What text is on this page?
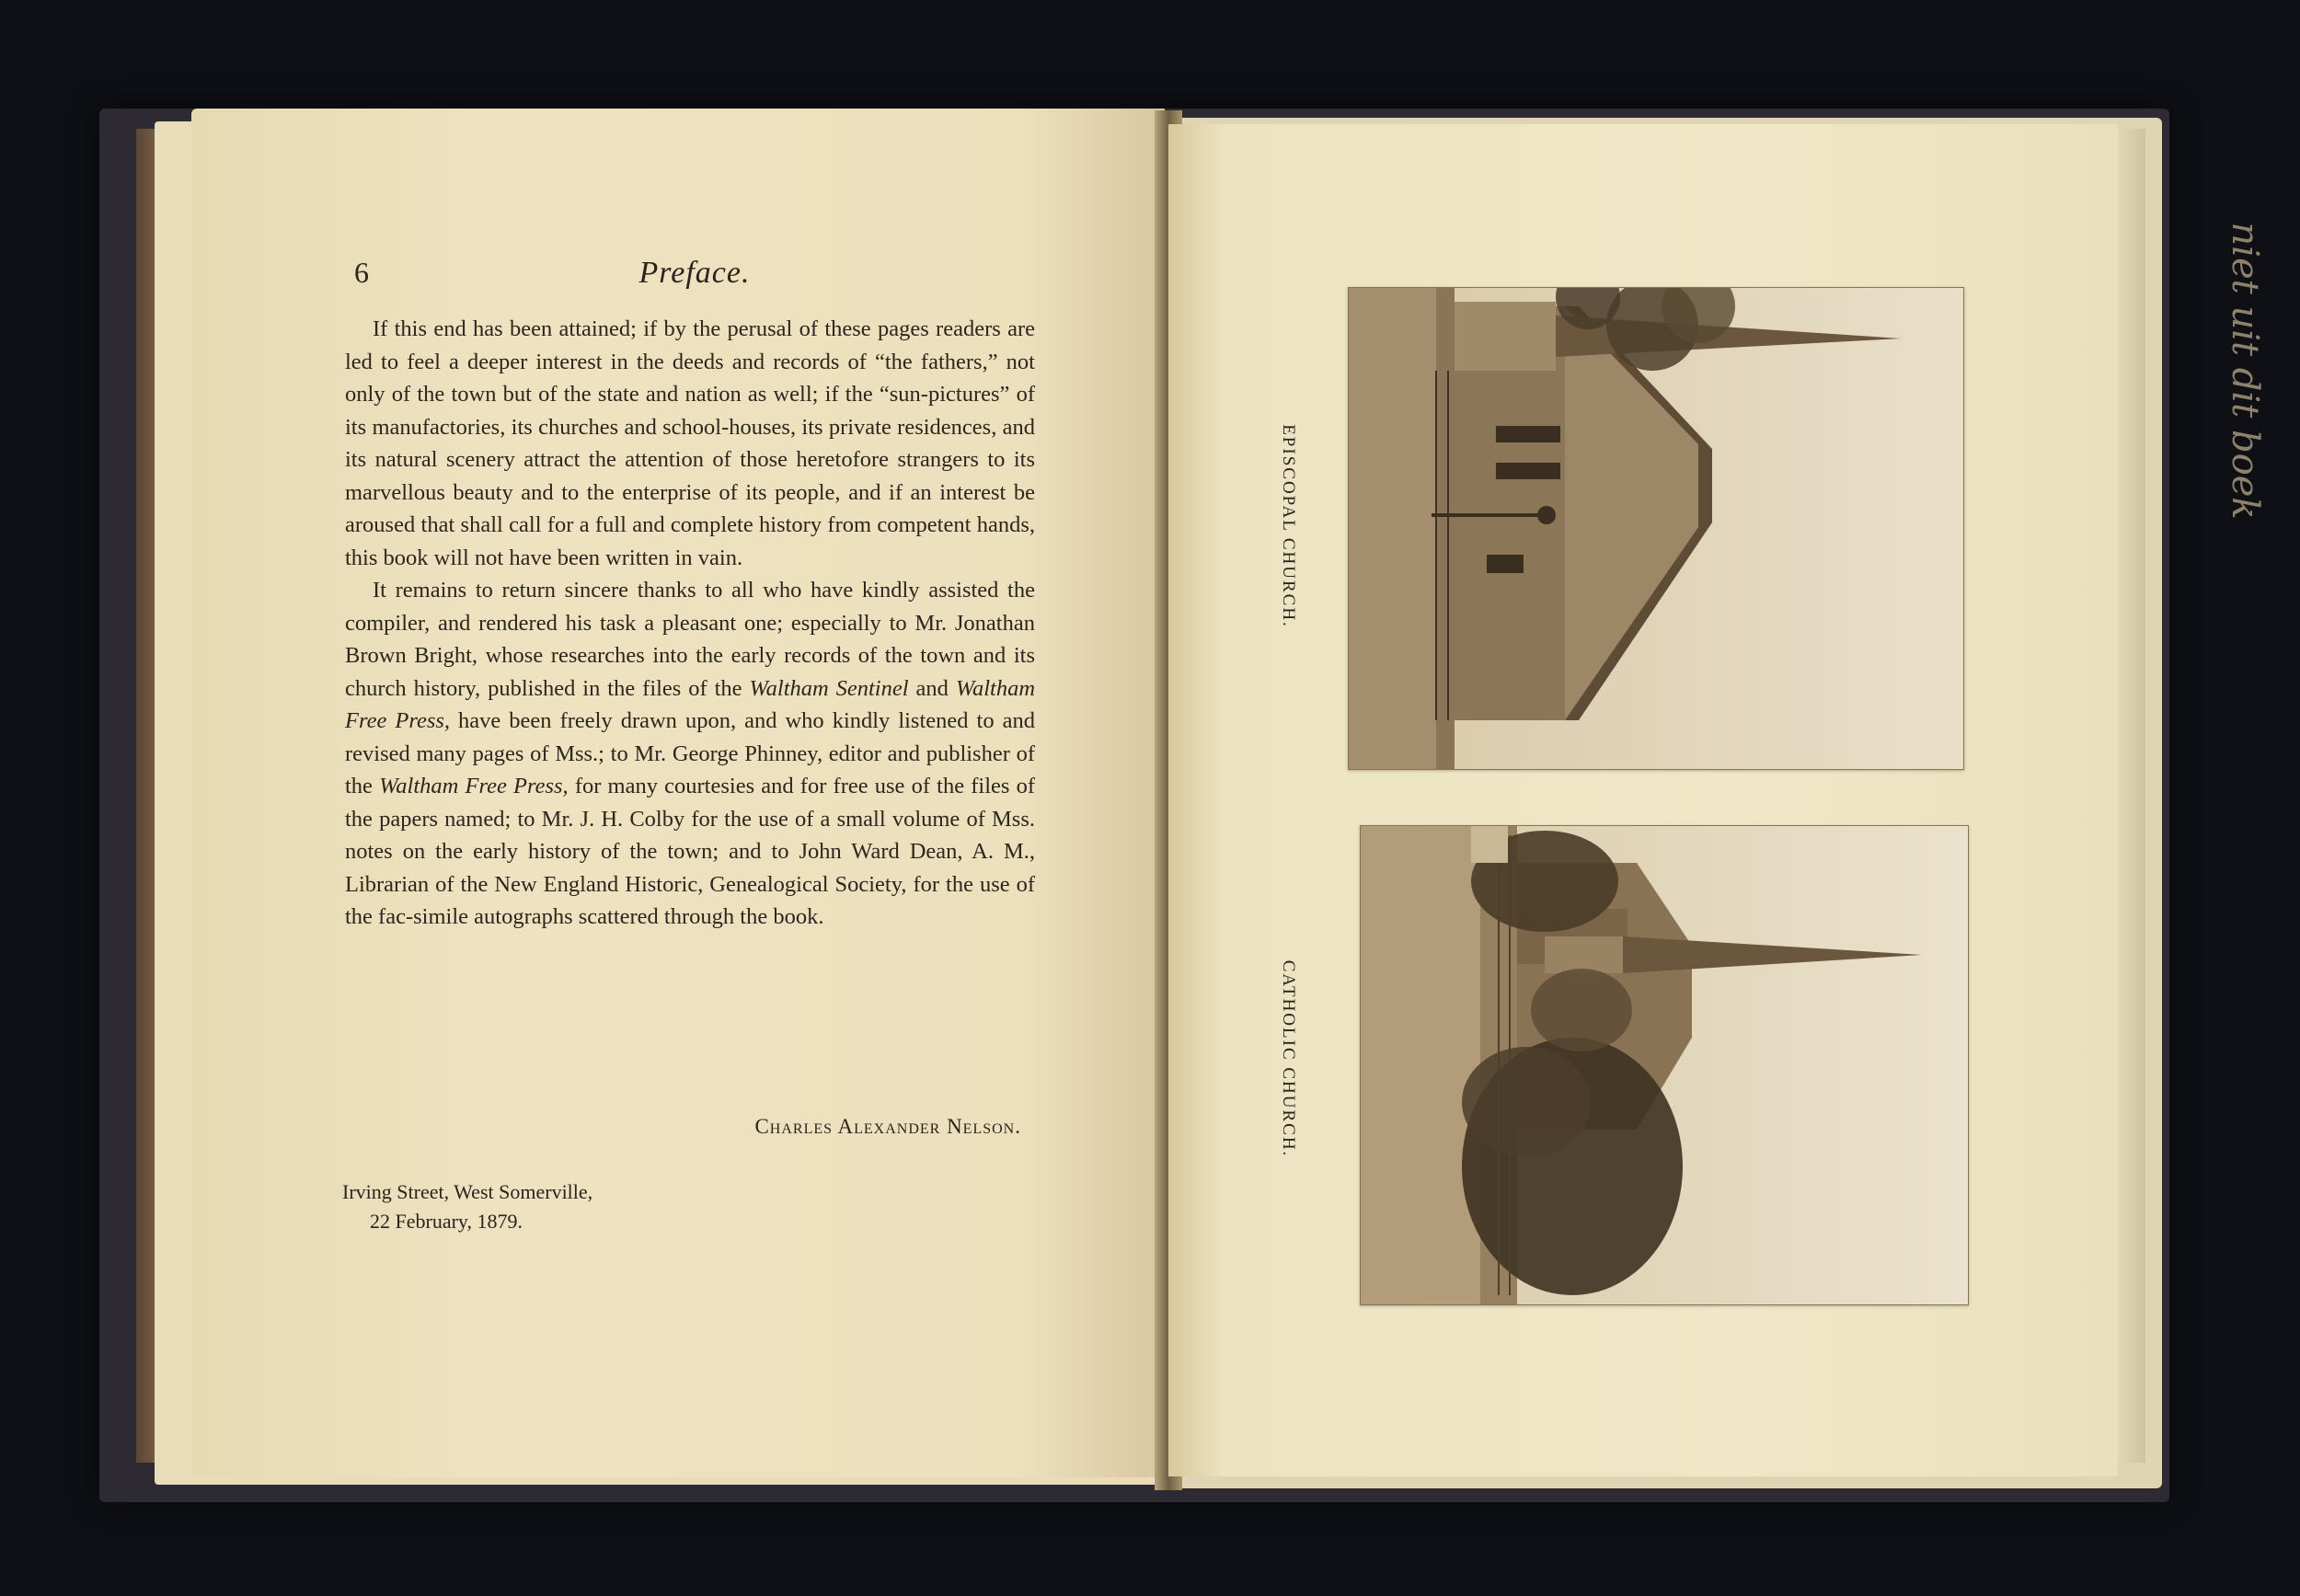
6	Preface.

If this end has been attained; if by the perusal of these pages readers are led to feel a deeper interest in the deeds and records of “the fathers,” not only of the town but of the state and nation as well; if the “sun-pictures” of its manufactories, its churches and school-houses, its private residences, and its natural scenery attract the attention of those heretofore strangers to its marvellous beauty and to the enterprise of its people, and if an interest be aroused that shall call for a full and complete history from competent hands, this book will not have been written in vain.

It remains to return sincere thanks to all who have kindly assisted the compiler, and rendered his task a pleasant one; especially to Mr. Jonathan Brown Bright, whose researches into the early records of the town and its church history, published in the files of the Waltham Sentinel and Waltham Free Press, have been freely drawn upon, and who kindly listened to and revised many pages of Mss.; to Mr. George Phinney, editor and publisher of the Waltham Free Press, for many courtesies and for free use of the files of the papers named; to Mr. J. H. Colby for the use of a small volume of Mss. notes on the early history of the town; and to John Ward Dean, A. M., Librarian of the New England Historic, Genealogical Society, for the use of the fac-simile autographs scattered through the book.

Charles Alexander Nelson.
Irving Street, West Somerville,
22 February, 1879.
EPISCOPAL CHURCH.
CATHOLIC CHURCH.
niet uit dit boek
